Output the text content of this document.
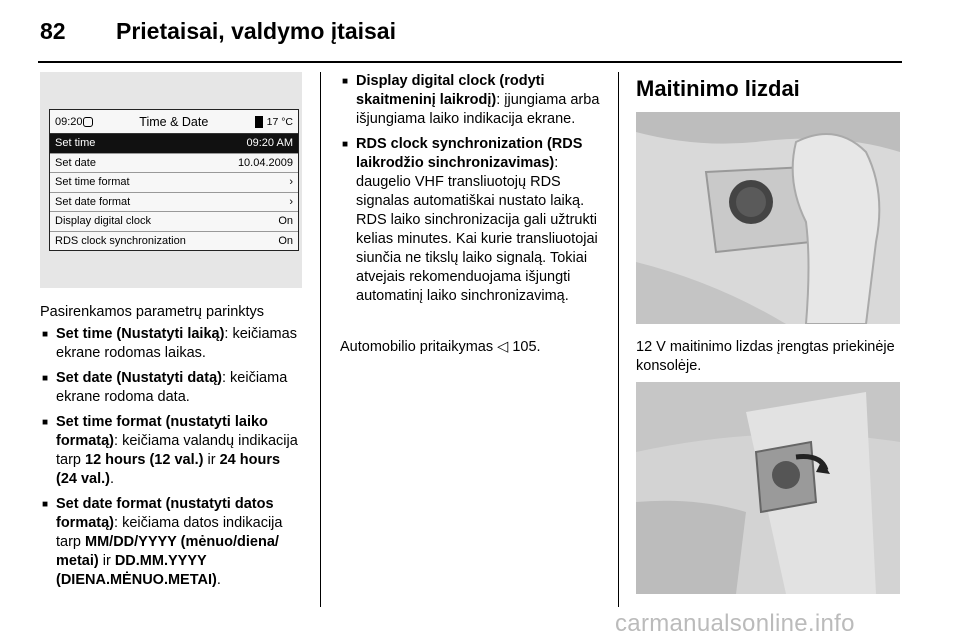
82	Prietaisai, valdymo įtaisai
09:20	Time & Date	17 °C
Set time	09:20 AM
Set date	10.04.2009
Set time format	›
Set date format	›
Display digital clock	On
RDS clock synchronization	On
Pasirenkamos parametrų parinktys
■ Set time (Nustatyti laiką): keičiamas ekrane rodomas laikas.
■ Set date (Nustatyti datą): keičiama ekrane rodoma data.
■ Set time format (nustatyti laiko formatą): keičiama valandų indikacija tarp 12 hours (12 val.) ir 24 hours (24 val.).
■ Set date format (nustatyti datos formatą): keičiama datos indikacija tarp MM/DD/YYYY (mėnuo/diena/ metai) ir DD.MM.YYYY (DIENA.MĖNUO.METAI).
■ Display digital clock (rodyti skaitmeninį laikrodį): įjungiama arba išjungiama laiko indikacija ekrane.
■ RDS clock synchronization (RDS laikrodžio sinchronizavimas): daugelio VHF transliuotojų RDS signalas automatiškai nustato laiką. RDS laiko sinchronizacija gali užtrukti kelias minutes. Kai kurie transliuotojai siunčia ne tikslų laiko signalą. Tokiai atvejais rekomenduojama išjungti automatinį laiko sinchronizavimą.
Automobilio pritaikymas ◁ 105.
Maitinimo lizdai
12 V maitinimo lizdas įrengtas priekinėje konsolėje.
carmanualsonline.info
